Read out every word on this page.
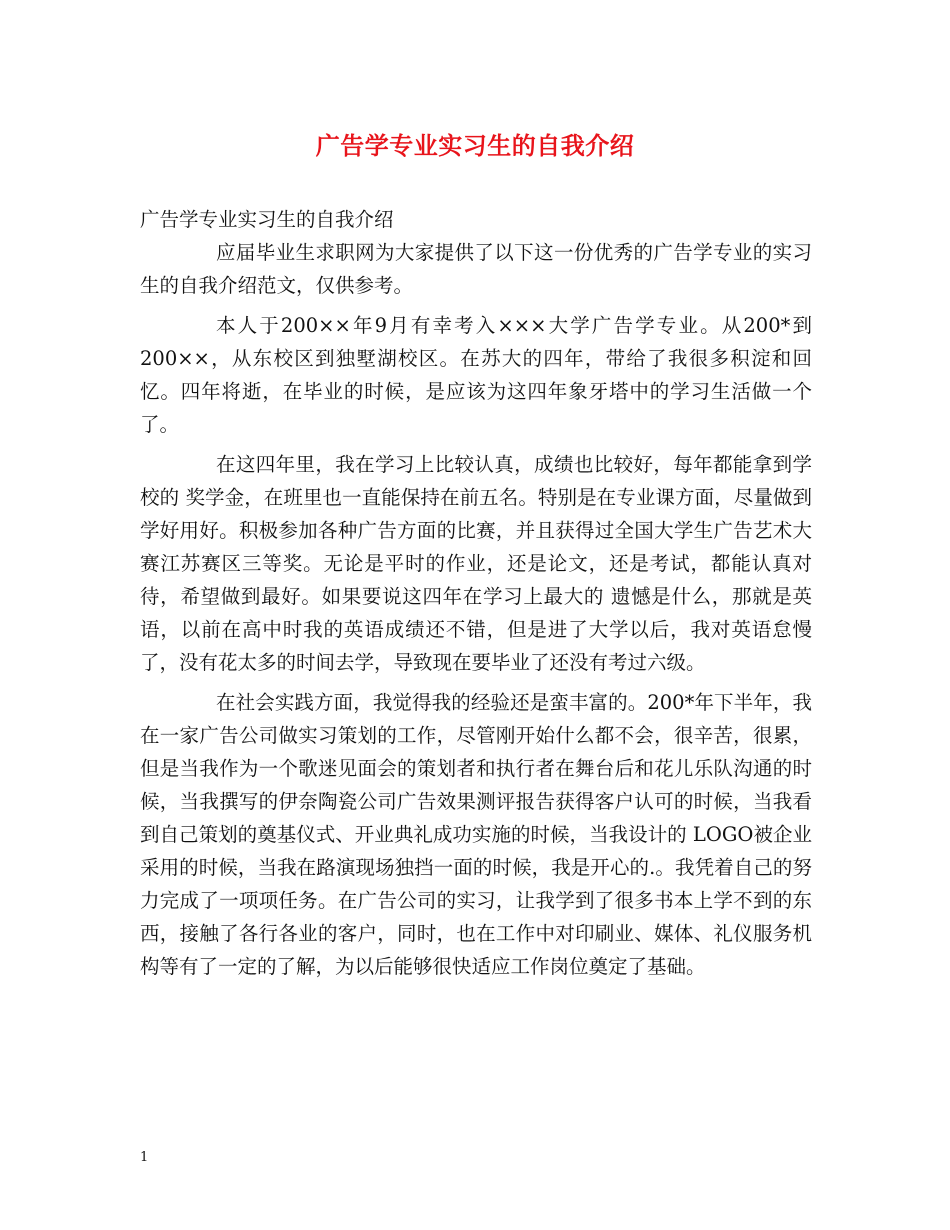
广告学专业实习生的自我介绍

广告学专业实习生的自我介绍

应届毕业生求职网为大家提供了以下这一份优秀的广告学专业的实习生的自我介绍范文，仅供参考。

本人于200××年9月有幸考入×××大学广告学专业。从200*到200××，从东校区到独墅湖校区。在苏大的四年，带给了我很多积淀和回忆。四年将逝，在毕业的时候，是应该为这四年象牙塔中的学习生活做一个了。

在这四年里，我在学习上比较认真，成绩也比较好，每年都能拿到学校的 奖学金，在班里也一直能保持在前五名。特别是在专业课方面，尽量做到学好用好。积极参加各种广告方面的比赛，并且获得过全国大学生广告艺术大赛江苏赛区三等奖。无论是平时的作业，还是论文，还是考试，都能认真对待，希望做到最好。如果要说这四年在学习上最大的 遗憾是什么，那就是英语，以前在高中时我的英语成绩还不错，但是进了大学以后，我对英语怠慢了，没有花太多的时间去学，导致现在要毕业了还没有考过六级。

在社会实践方面，我觉得我的经验还是蛮丰富的。200*年下半年，我在一家广告公司做实习策划的工作，尽管刚开始什么都不会，很辛苦，很累，但是当我作为一个歌迷见面会的策划者和执行者在舞台后和花儿乐队沟通的时候，当我撰写的伊奈陶瓷公司广告效果测评报告获得客户认可的时候，当我看到自己策划的奠基仪式、开业典礼成功实施的时候，当我设计的 LOGO被企业采用的时候，当我在路演现场独挡一面的时候，我是开心的.。我凭着自己的努力完成了一项项任务。在广告公司的实习，让我学到了很多书本上学不到的东西，接触了各行各业的客户，同时，也在工作中对印刷业、媒体、礼仪服务机构等有了一定的了解，为以后能够很快适应工作岗位奠定了基础。

1
